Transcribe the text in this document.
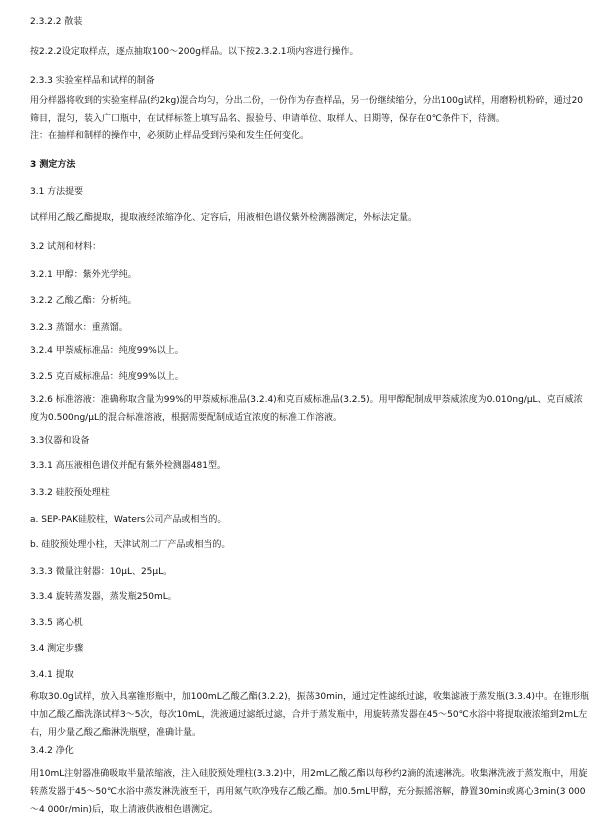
2.3.2.2 散装
按2.2.2设定取样点，逐点抽取100～200g样品。以下按2.3.2.1项内容进行操作。
2.3.3 实验室样品和试样的制备
用分样器将收到的实验室样品(约2kg)混合均匀，分出二份，一份作为存查样品，另一份继续缩分，分出100g试样，用磨粉机粉碎，通过20筛目，混匀，装入广口瓶中，在试样标签上填写品名、报验号、申请单位、取样人、日期等，保存在0℃条件下，待测。
注：在抽样和制样的操作中，必须防止样品受到污染和发生任何变化。
3 测定方法
3.1 方法提要
试样用乙酸乙酯提取，提取液经浓缩净化、定容后，用液相色谱仪紫外检测器测定，外标法定量。
3.2 试剂和材料：
3.2.1 甲醇：紫外光学纯。
3.2.2 乙酸乙酯：分析纯。
3.2.3 蒸馏水：重蒸馏。
3.2.4 甲萘威标准品：纯度99%以上。
3.2.5 克百威标准品：纯度99%以上。
3.2.6 标准溶液：准确称取含量为99%的甲萘威标准品(3.2.4)和克百威标准品(3.2.5)。用甲醇配制成甲萘威浓度为0.010ng/μL、克百威浓度为0.500ng/μL的混合标准溶液，根据需要配制成适宜浓度的标准工作溶液。
3.3仪器和设备
3.3.1 高压液相色谱仪并配有紫外检测器481型。
3.3.2 硅胶预处理柱
a. SEP-PAK硅胶柱，Waters公司产品或相当的。
b. 硅胶预处理小柱，天津试剂二厂产品或相当的。
3.3.3 微量注射器：10μL、25μL。
3.3.4 旋转蒸发器，蒸发瓶250mL。
3.3.5 离心机
3.4 测定步骤
3.4.1 提取
称取30.0g试样，放入具塞锥形瓶中，加100mL乙酸乙酯(3.2.2)，振荡30min，通过定性滤纸过滤，收集滤液于蒸发瓶(3.3.4)中。在锥形瓶中加乙酸乙酯洗涤试样3～5次，每次10mL，洗液通过滤纸过滤，合并于蒸发瓶中，用旋转蒸发器在45～50℃水浴中将提取液浓缩到2mL左右，用少量乙酸乙酯淋洗瓶壁，准确计量。
3.4.2 净化
用10mL注射器准确吸取半量浓缩液，注入硅胶预处理柱(3.3.2)中，用2mL乙酸乙酯以每秒约2滴的流速淋洗。收集淋洗液于蒸发瓶中，用旋转蒸发器于45～50℃水浴中蒸发淋洗液至干，再用氮气吹净残存乙酸乙酯。加0.5mL甲醇，充分振摇溶解，静置30min或离心3min(3 000～4 000r/min)后，取上清液供液相色谱测定。
